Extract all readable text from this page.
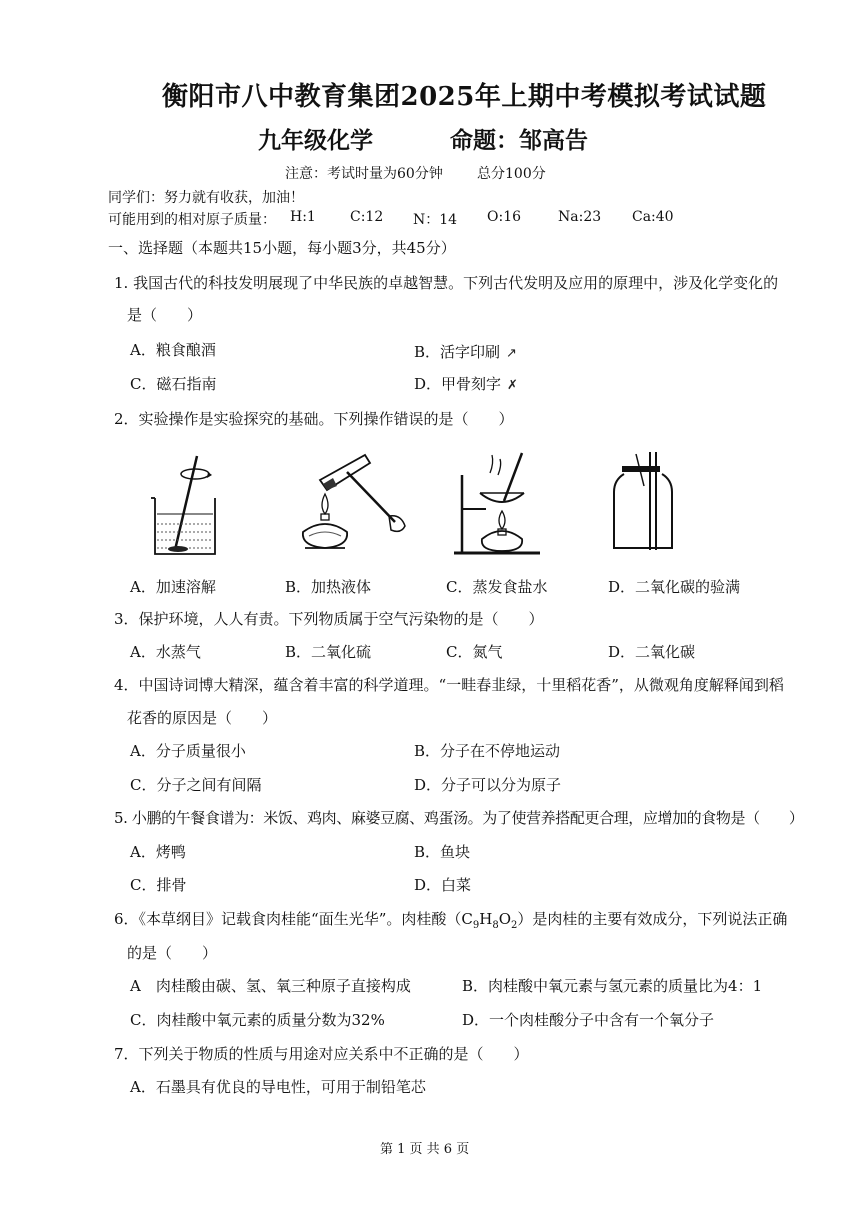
衡阳市八中教育集团2025年上期中考模拟考试试题
九年级化学	命题：邹高告
注意：考试时量为60分钟 总分100分
同学们：努力就有收获，加油！
可能用到的相对原子质量： H:1 C:12 N：14 O:16	Na:23 Ca:40
一、选择题（本题共15小题，每小题3分，共45分）
1. 我国古代的科技发明展现了中华民族的卓越智慧。下列古代发明及应用的原理中，涉及化学变化的
是（　　）
A．粮食酿酒	B．活字印刷 ↗
C．磁石指南	D．甲骨刻字 ✗
2．实验操作是实验探究的基础。下列操作错误的是（　　）
A．加速溶解	B．加热液体	C．蒸发食盐水	D．二氧化碳的验满
3．保护环境，人人有责。下列物质属于空气污染物的是（　　）
A．水蒸气	B．二氧化硫	C．氮气	D．二氧化碳
4．中国诗词博大精深，蕴含着丰富的科学道理。“一畦春韭绿，十里稻花香”，从微观角度解释闻到稻
花香的原因是（　　）
A．分子质量很小	B．分子在不停地运动
C．分子之间有间隔	D．分子可以分为原子
5. 小鹏的午餐食谱为：米饭、鸡肉、麻婆豆腐、鸡蛋汤。为了使营养搭配更合理，应增加的食物是（　　）
A．烤鸭	B．鱼块
C．排骨	D．白菜
6．《本草纲目》记载食肉桂能“面生光华”。肉桂酸$(C_9H_8O_2)$是肉桂的主要有效成分，下列说法正确
的是（　　）
A　肉桂酸由碳、氢、氧三种原子直接构成	B．肉桂酸中氧元素与氢元素的质量比为4：1
C．肉桂酸中氧元素的质量分数为32%	D．一个肉桂酸分子中含有一个氧分子
7．下列关于物质的性质与用途对应关系中不正确的是（　　）
A．石墨具有优良的导电性，可用于制铅笔芯
第 1 页 共 6 页
